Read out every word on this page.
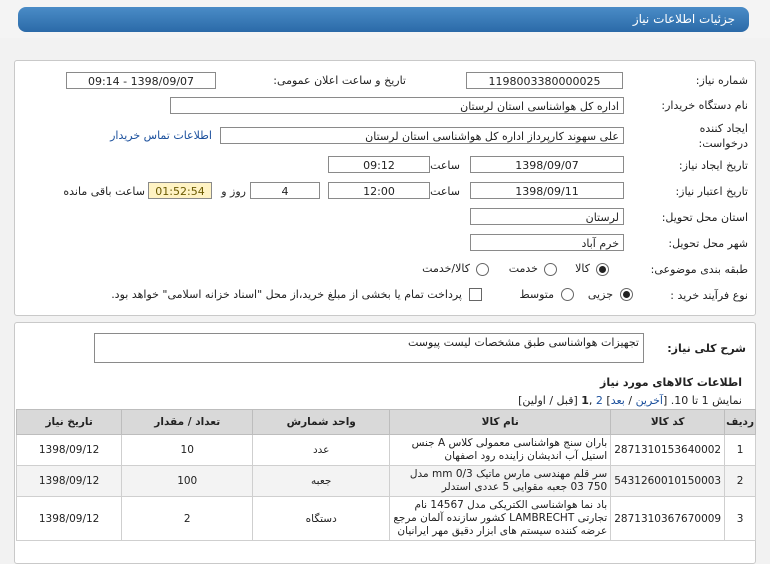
جزئیات اطلاعات نیاز
شماره نیاز:
1198003380000025
تاریخ و ساعت اعلان عمومی:
1398/09/07 - 09:14
نام دستگاه خریدار:
اداره کل هواشناسی استان لرستان
ایجاد کننده
درخواست:
علی سهوند کارپرداز اداره کل هواشناسی استان لرستان
اطلاعات تماس خریدار
تاریخ ایجاد نیاز:
1398/09/07
ساعت
09:12
تاریخ اعتبار نیاز:
1398/09/11
ساعت
12:00
4
روز و
01:52:54
ساعت باقی مانده
استان محل تحویل:
لرستان
شهر محل تحویل:
خرم آباد
طبقه بندی موضوعی:
کالا
خدمت
کالا/خدمت
نوع فرآیند خرید :
جزیی
متوسط
پرداخت تمام یا بخشی از مبلغ خرید،از محل "اسناد خزانه اسلامی" خواهد بود.
شرح کلی نیاز:
تجهیزات هواشناسی طبق مشخصات لیست پیوست
اطلاعات کالاهای مورد نیاز
نمایش 1 تا 10. [آخرین / بعد] 2 ,1 [قبل / اولین]
ردیف	کد کالا	نام کالا	واحد شمارش	تعداد / مقدار	تاریخ نیاز
1	2871310153640002	باران سنج هواشناسی معمولی کلاس A جنس استیل آب اندیشان زاینده رود اصفهان	عدد	10	1398/09/12
2	5431260010150003	سر قلم مهندسی مارس ماتیک 0/3 mm مدل 750 03 جعبه مقوایی 5 عددی استدلر	جعبه	100	1398/09/12
3	2871310367670009	باد نما هواشناسی الکتریکی مدل 14567 نام تجارتی LAMBRECHT کشور سازنده آلمان مرجع عرضه کننده سیستم های ابزار دقیق مهر ایرانیان	دستگاه	2	1398/09/12
